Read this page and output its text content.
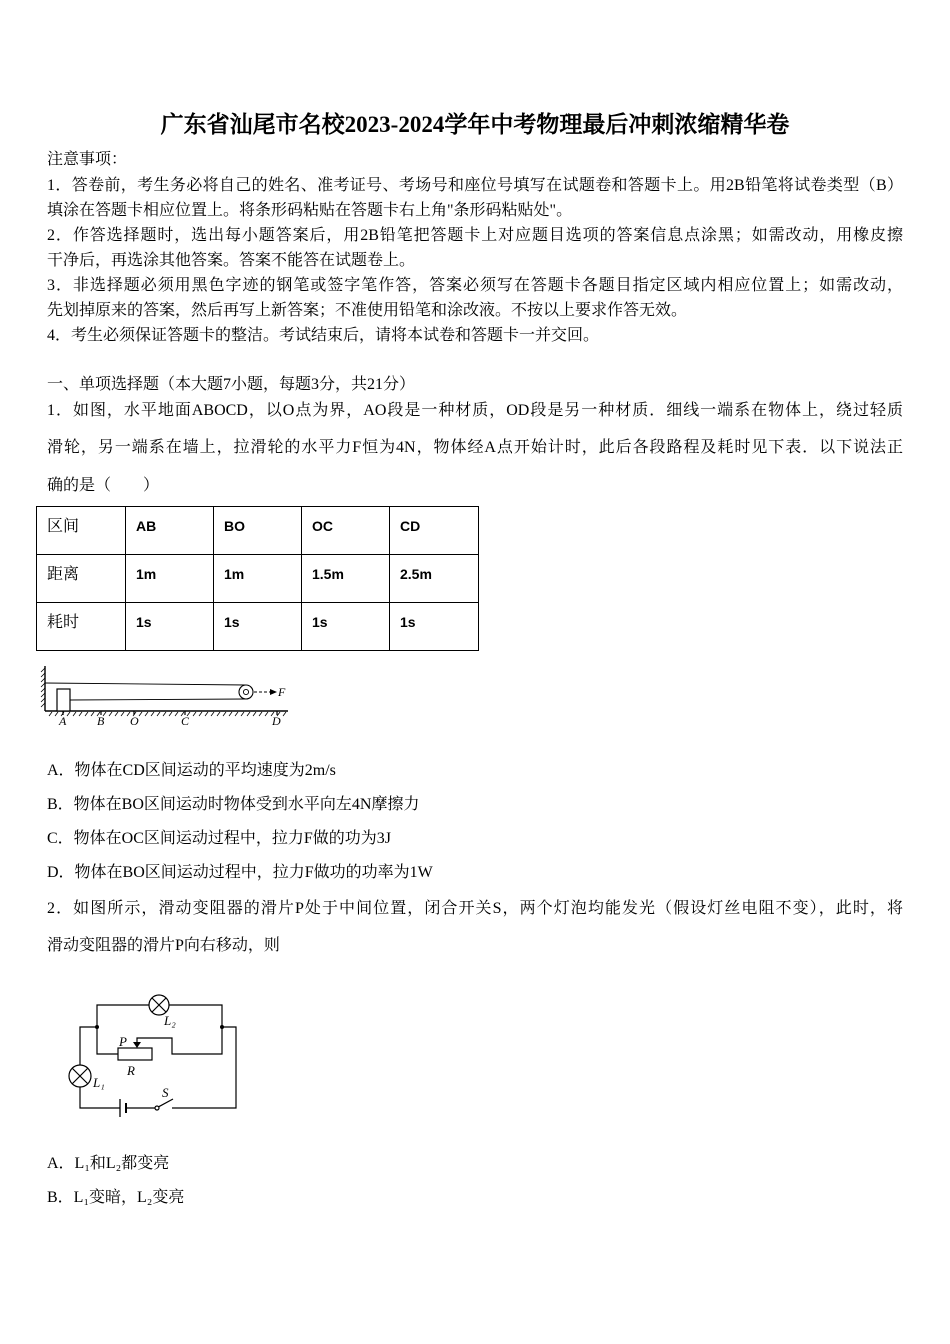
广东省汕尾市名校2023-2024学年中考物理最后冲刺浓缩精华卷
注意事项：
1．答卷前，考生务必将自己的姓名、准考证号、考场号和座位号填写在试题卷和答题卡上。用2B铅笔将试卷类型（B）
填涂在答题卡相应位置上。将条形码粘贴在答题卡右上角"条形码粘贴处"。
2．作答选择题时，选出每小题答案后，用2B铅笔把答题卡上对应题目选项的答案信息点涂黑；如需改动，用橡皮擦
干净后，再选涂其他答案。答案不能答在试题卷上。
3．非选择题必须用黑色字迹的钢笔或签字笔作答，答案必须写在答题卡各题目指定区域内相应位置上；如需改动，
先划掉原来的答案，然后再写上新答案；不准使用铅笔和涂改液。不按以上要求作答无效。
4．考生必须保证答题卡的整洁。考试结束后，请将本试卷和答题卡一并交回。
一、单项选择题（本大题7小题，每题3分，共21分）
1．如图，水平地面ABOCD，以O点为界，AO段是一种材质，OD段是另一种材质．细线一端系在物体上，绕过轻质
滑轮，另一端系在墙上，拉滑轮的水平力F恒为4N，物体经A点开始计时，此后各段路程及耗时见下表．以下说法正
确的是（　　）
区间	AB	BO	OC	CD
距离	1m	1m	1.5m	2.5m
耗时	1s	1s	1s	1s
F
A	B O	C	D
A．物体在CD区间运动的平均速度为2m/s
B．物体在BO区间运动时物体受到水平向左4N摩擦力
C．物体在OC区间运动过程中，拉力F做的功为3J
D．物体在BO区间运动过程中，拉力F做功的功率为1W
2．如图所示，滑动变阻器的滑片P处于中间位置，闭合开关S，两个灯泡均能发光（假设灯丝电阻不变），此时，将
滑动变阻器的滑片P向右移动，则
L₂
P
R
L₁
S
A．L₁和L₂都变亮
B．L₁变暗，L₂变亮
